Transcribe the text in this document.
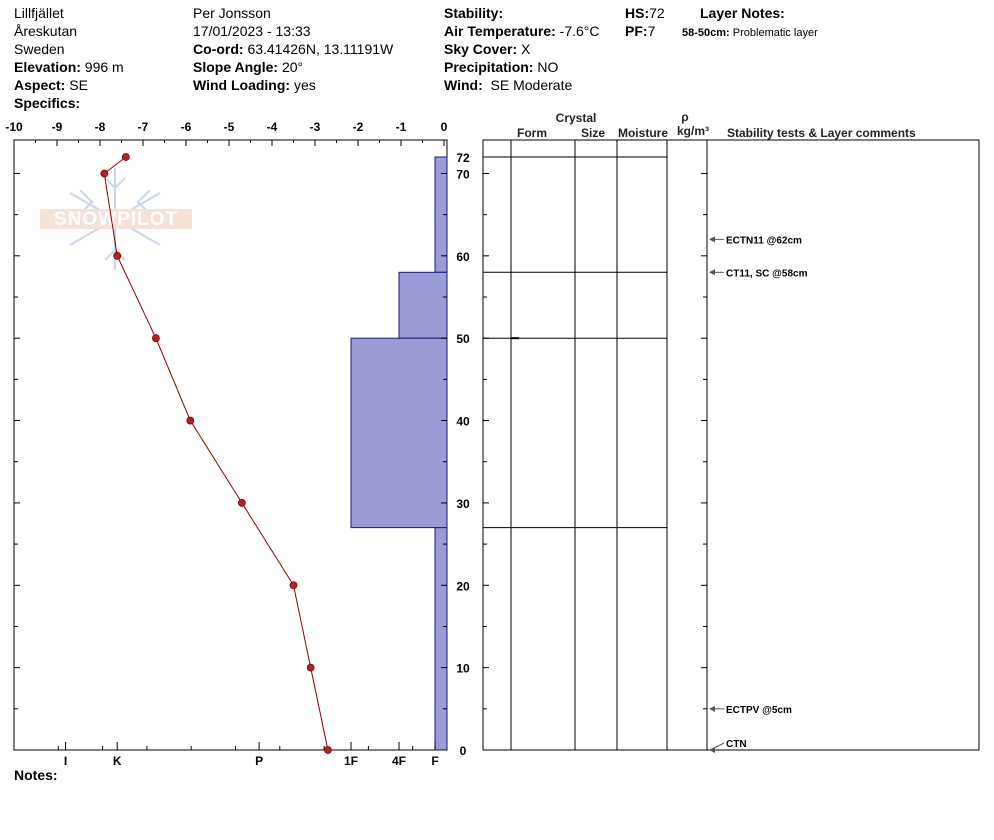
Lillfjället
Åreskutan
Sweden
Elevation: 996 m
Aspect: SE
Specifics:
Per Jonsson
17/01/2023 - 13:33
Co-ord: 63.41426N, 13.11191W
Slope Angle: 20°
Wind Loading: yes
Stability:
Air Temperature: -7.6°C
Sky Cover: X
Precipitation: NO
Wind: SE Moderate
HS:72
PF:7
Layer Notes:
58-50cm: Problematic layer
Notes:
SNOWPILOT
-10 -9	-8	-7	-6	-5	-4	-3	-2	-1	0
0
10
20
30
40
50
60
70
72
I	K	P	1F	4F F
ECTN11 @62cm
CT11, SC @58cm
ECTPV @5cm
CTN
Crystal
Form	Size Moisture
ρ
kg/m³ Stability tests & Layer comments
